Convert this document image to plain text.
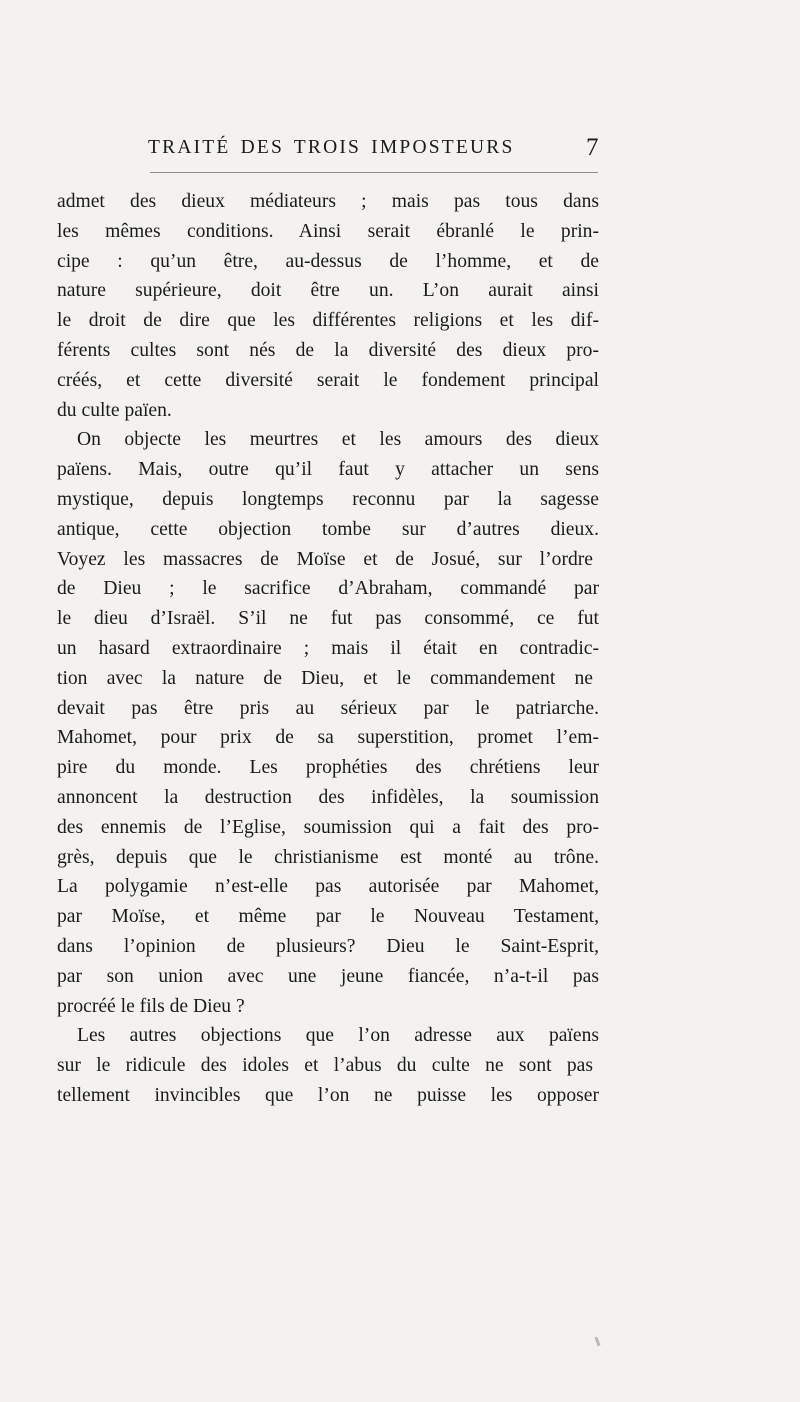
TRAITÉ DES TROIS IMPOSTEURS	7
admet des dieux médiateurs ; mais pas tous dans
les mêmes conditions. Ainsi serait ébranlé le prin-
cipe : qu’un être, au-dessus de l’homme, et de
nature supérieure, doit être un. L’on aurait ainsi
le droit de dire que les différentes religions et les dif-
férents cultes sont nés de la diversité des dieux pro-
créés, et cette diversité serait le fondement principal
du culte païen.
On objecte les meurtres et les amours des dieux
païens. Mais, outre qu’il faut y attacher un sens
mystique, depuis longtemps reconnu par la sagesse
antique, cette objection tombe sur d’autres dieux.
Voyez les massacres de Moïse et de Josué, sur l’ordre
de Dieu ; le sacrifice d’Abraham, commandé par
le dieu d’Israël. S’il ne fut pas consommé, ce fut
un hasard extraordinaire ; mais il était en contradic-
tion avec la nature de Dieu, et le commandement ne
devait pas être pris au sérieux par le patriarche.
Mahomet, pour prix de sa superstition, promet l’em-
pire du monde. Les prophéties des chrétiens leur
annoncent la destruction des infidèles, la soumission
des ennemis de l’Eglise, soumission qui a fait des pro-
grès, depuis que le christianisme est monté au trône.
La polygamie n’est-elle pas autorisée par Mahomet,
par Moïse, et même par le Nouveau Testament,
dans l’opinion de plusieurs? Dieu le Saint-Esprit,
par son union avec une jeune fiancée, n’a-t-il pas
procréé le fils de Dieu ?
Les autres objections que l’on adresse aux païens
sur le ridicule des idoles et l’abus du culte ne sont pas
tellement invincibles que l’on ne puisse les opposer
